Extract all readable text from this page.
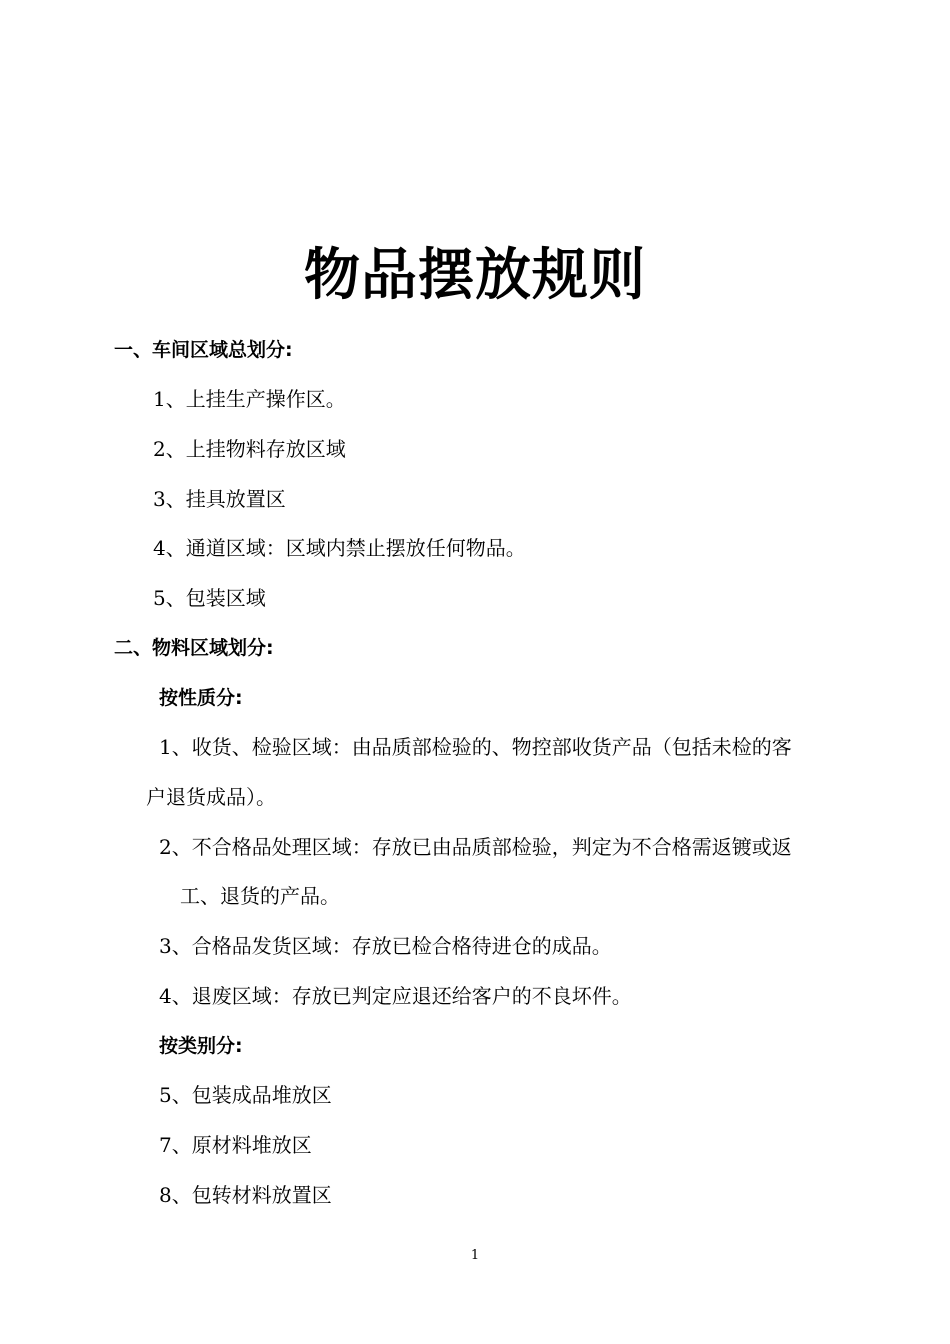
物品摆放规则
一、车间区域总划分:
1、上挂生产操作区。
2、上挂物料存放区域
3、挂具放置区
4、通道区域：区域内禁止摆放任何物品。
5、包装区域
二、物料区域划分:
按性质分:
1、收货、检验区域：由品质部检验的、物控部收货产品（包括未检的客
户退货成品）。
2、不合格品处理区域：存放已由品质部检验，判定为不合格需返镀或返
工、退货的产品。
3、合格品发货区域：存放已检合格待进仓的成品。
4、退废区域：存放已判定应退还给客户的不良坏件。
按类别分:
5、包装成品堆放区
7、原材料堆放区
8、包转材料放置区
1
